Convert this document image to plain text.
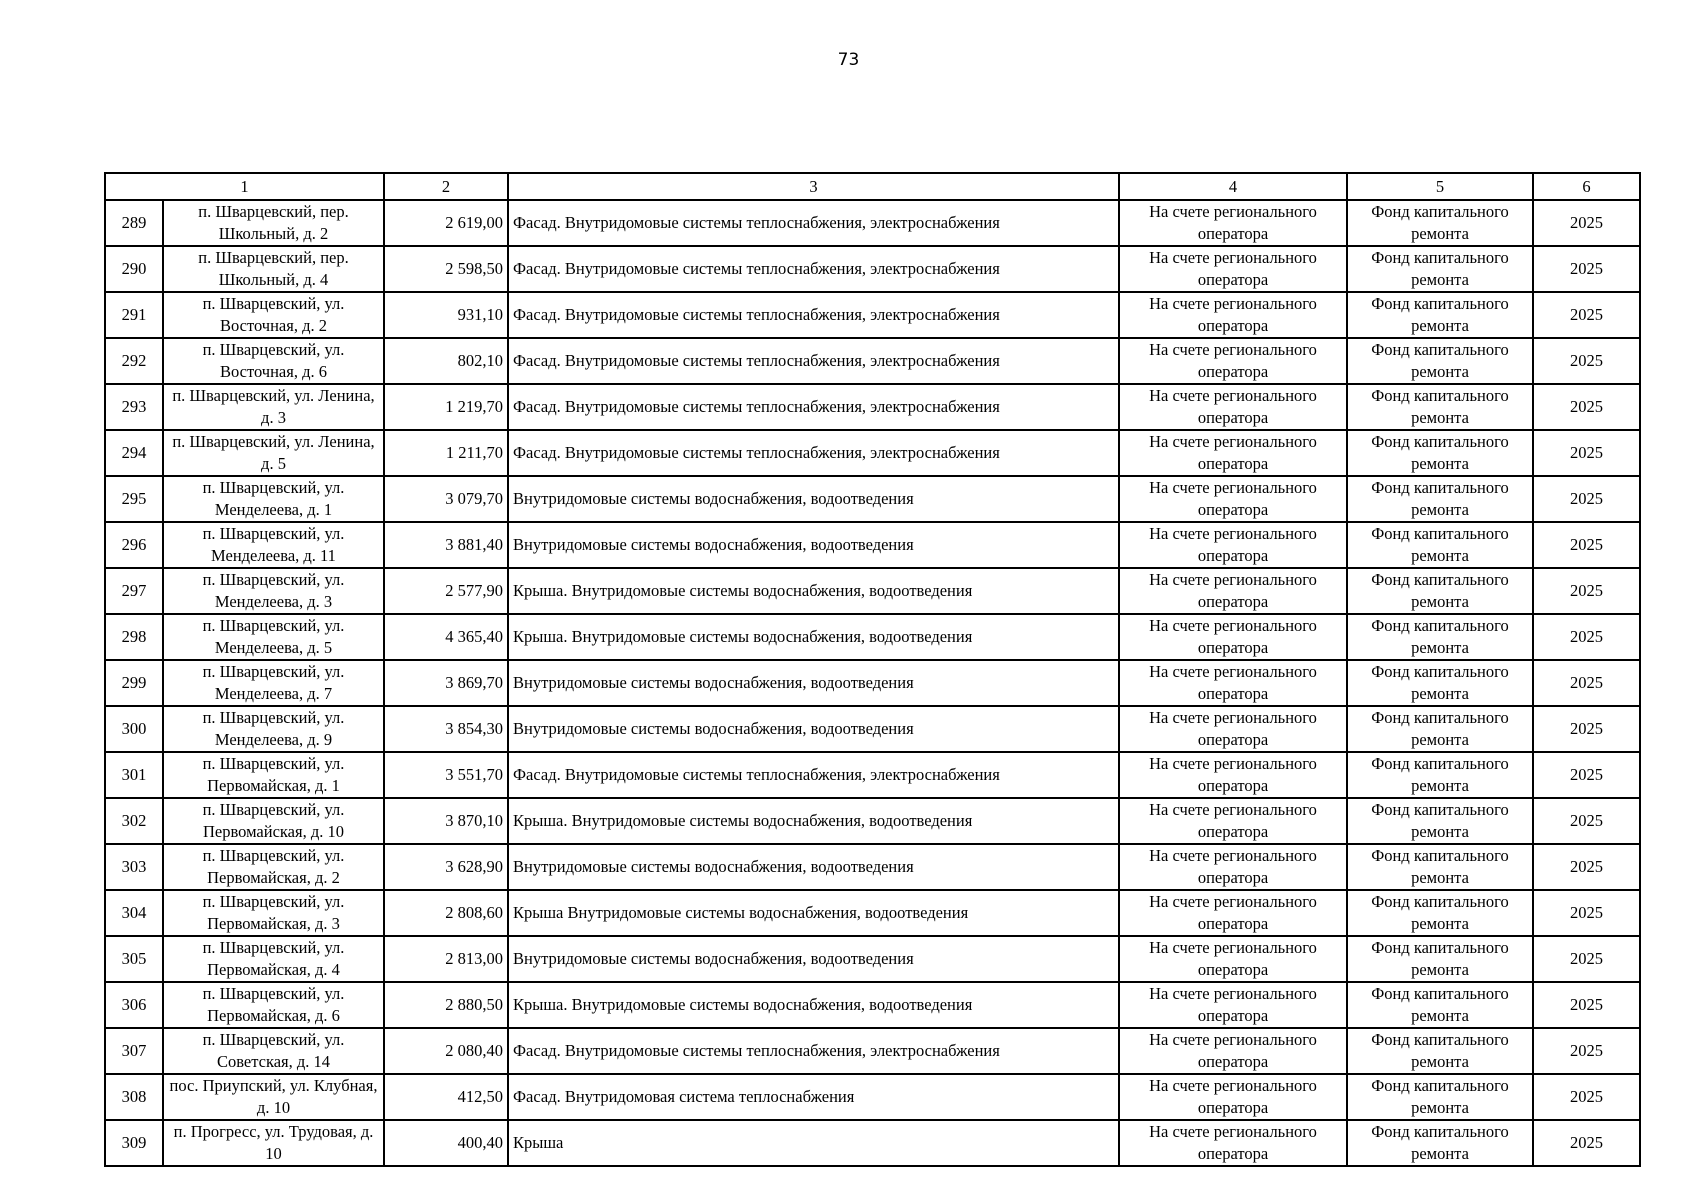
73
1		2	3	4	5	6
289	п. Шварцевский, пер. Школьный, д. 2	2 619,00	Фасад. Внутридомовые системы теплоснабжения, электроснабжения	На счете регионального оператора	Фонд капитального ремонта	2025
290	п. Шварцевский, пер. Школьный, д. 4	2 598,50	Фасад. Внутридомовые системы теплоснабжения, электроснабжения	На счете регионального оператора	Фонд капитального ремонта	2025
291	п. Шварцевский, ул. Восточная, д. 2	931,10	Фасад. Внутридомовые системы теплоснабжения, электроснабжения	На счете регионального оператора	Фонд капитального ремонта	2025
292	п. Шварцевский, ул. Восточная, д. 6	802,10	Фасад. Внутридомовые системы теплоснабжения, электроснабжения	На счете регионального оператора	Фонд капитального ремонта	2025
293	п. Шварцевский, ул. Ленина, д. 3	1 219,70	Фасад. Внутридомовые системы теплоснабжения, электроснабжения	На счете регионального оператора	Фонд капитального ремонта	2025
294	п. Шварцевский, ул. Ленина, д. 5	1 211,70	Фасад. Внутридомовые системы теплоснабжения, электроснабжения	На счете регионального оператора	Фонд капитального ремонта	2025
295	п. Шварцевский, ул. Менделеева, д. 1	3 079,70	Внутридомовые системы водоснабжения, водоотведения	На счете регионального оператора	Фонд капитального ремонта	2025
296	п. Шварцевский, ул. Менделеева, д. 11	3 881,40	Внутридомовые системы водоснабжения, водоотведения	На счете регионального оператора	Фонд капитального ремонта	2025
297	п. Шварцевский, ул. Менделеева, д. 3	2 577,90	Крыша. Внутридомовые системы водоснабжения, водоотведения	На счете регионального оператора	Фонд капитального ремонта	2025
298	п. Шварцевский, ул. Менделеева, д. 5	4 365,40	Крыша. Внутридомовые системы водоснабжения, водоотведения	На счете регионального оператора	Фонд капитального ремонта	2025
299	п. Шварцевский, ул. Менделеева, д. 7	3 869,70	Внутридомовые системы водоснабжения, водоотведения	На счете регионального оператора	Фонд капитального ремонта	2025
300	п. Шварцевский, ул. Менделеева, д. 9	3 854,30	Внутридомовые системы водоснабжения, водоотведения	На счете регионального оператора	Фонд капитального ремонта	2025
301	п. Шварцевский, ул. Первомайская, д. 1	3 551,70	Фасад. Внутридомовые системы теплоснабжения, электроснабжения	На счете регионального оператора	Фонд капитального ремонта	2025
302	п. Шварцевский, ул. Первомайская, д. 10	3 870,10	Крыша. Внутридомовые системы водоснабжения, водоотведения	На счете регионального оператора	Фонд капитального ремонта	2025
303	п. Шварцевский, ул. Первомайская, д. 2	3 628,90	Внутридомовые системы водоснабжения, водоотведения	На счете регионального оператора	Фонд капитального ремонта	2025
304	п. Шварцевский, ул. Первомайская, д. 3	2 808,60	Крыша Внутридомовые системы водоснабжения, водоотведения	На счете регионального оператора	Фонд капитального ремонта	2025
305	п. Шварцевский, ул. Первомайская, д. 4	2 813,00	Внутридомовые системы водоснабжения, водоотведения	На счете регионального оператора	Фонд капитального ремонта	2025
306	п. Шварцевский, ул. Первомайская, д. 6	2 880,50	Крыша. Внутридомовые системы водоснабжения, водоотведения	На счете регионального оператора	Фонд капитального ремонта	2025
307	п. Шварцевский, ул. Советская, д. 14	2 080,40	Фасад. Внутридомовые системы теплоснабжения, электроснабжения	На счете регионального оператора	Фонд капитального ремонта	2025
308	пос. Приупский, ул. Клубная, д. 10	412,50	Фасад. Внутридомовая система теплоснабжения	На счете регионального оператора	Фонд капитального ремонта	2025
309	п. Прогресс, ул. Трудовая, д. 10	400,40	Крыша	На счете регионального оператора	Фонд капитального ремонта	2025
